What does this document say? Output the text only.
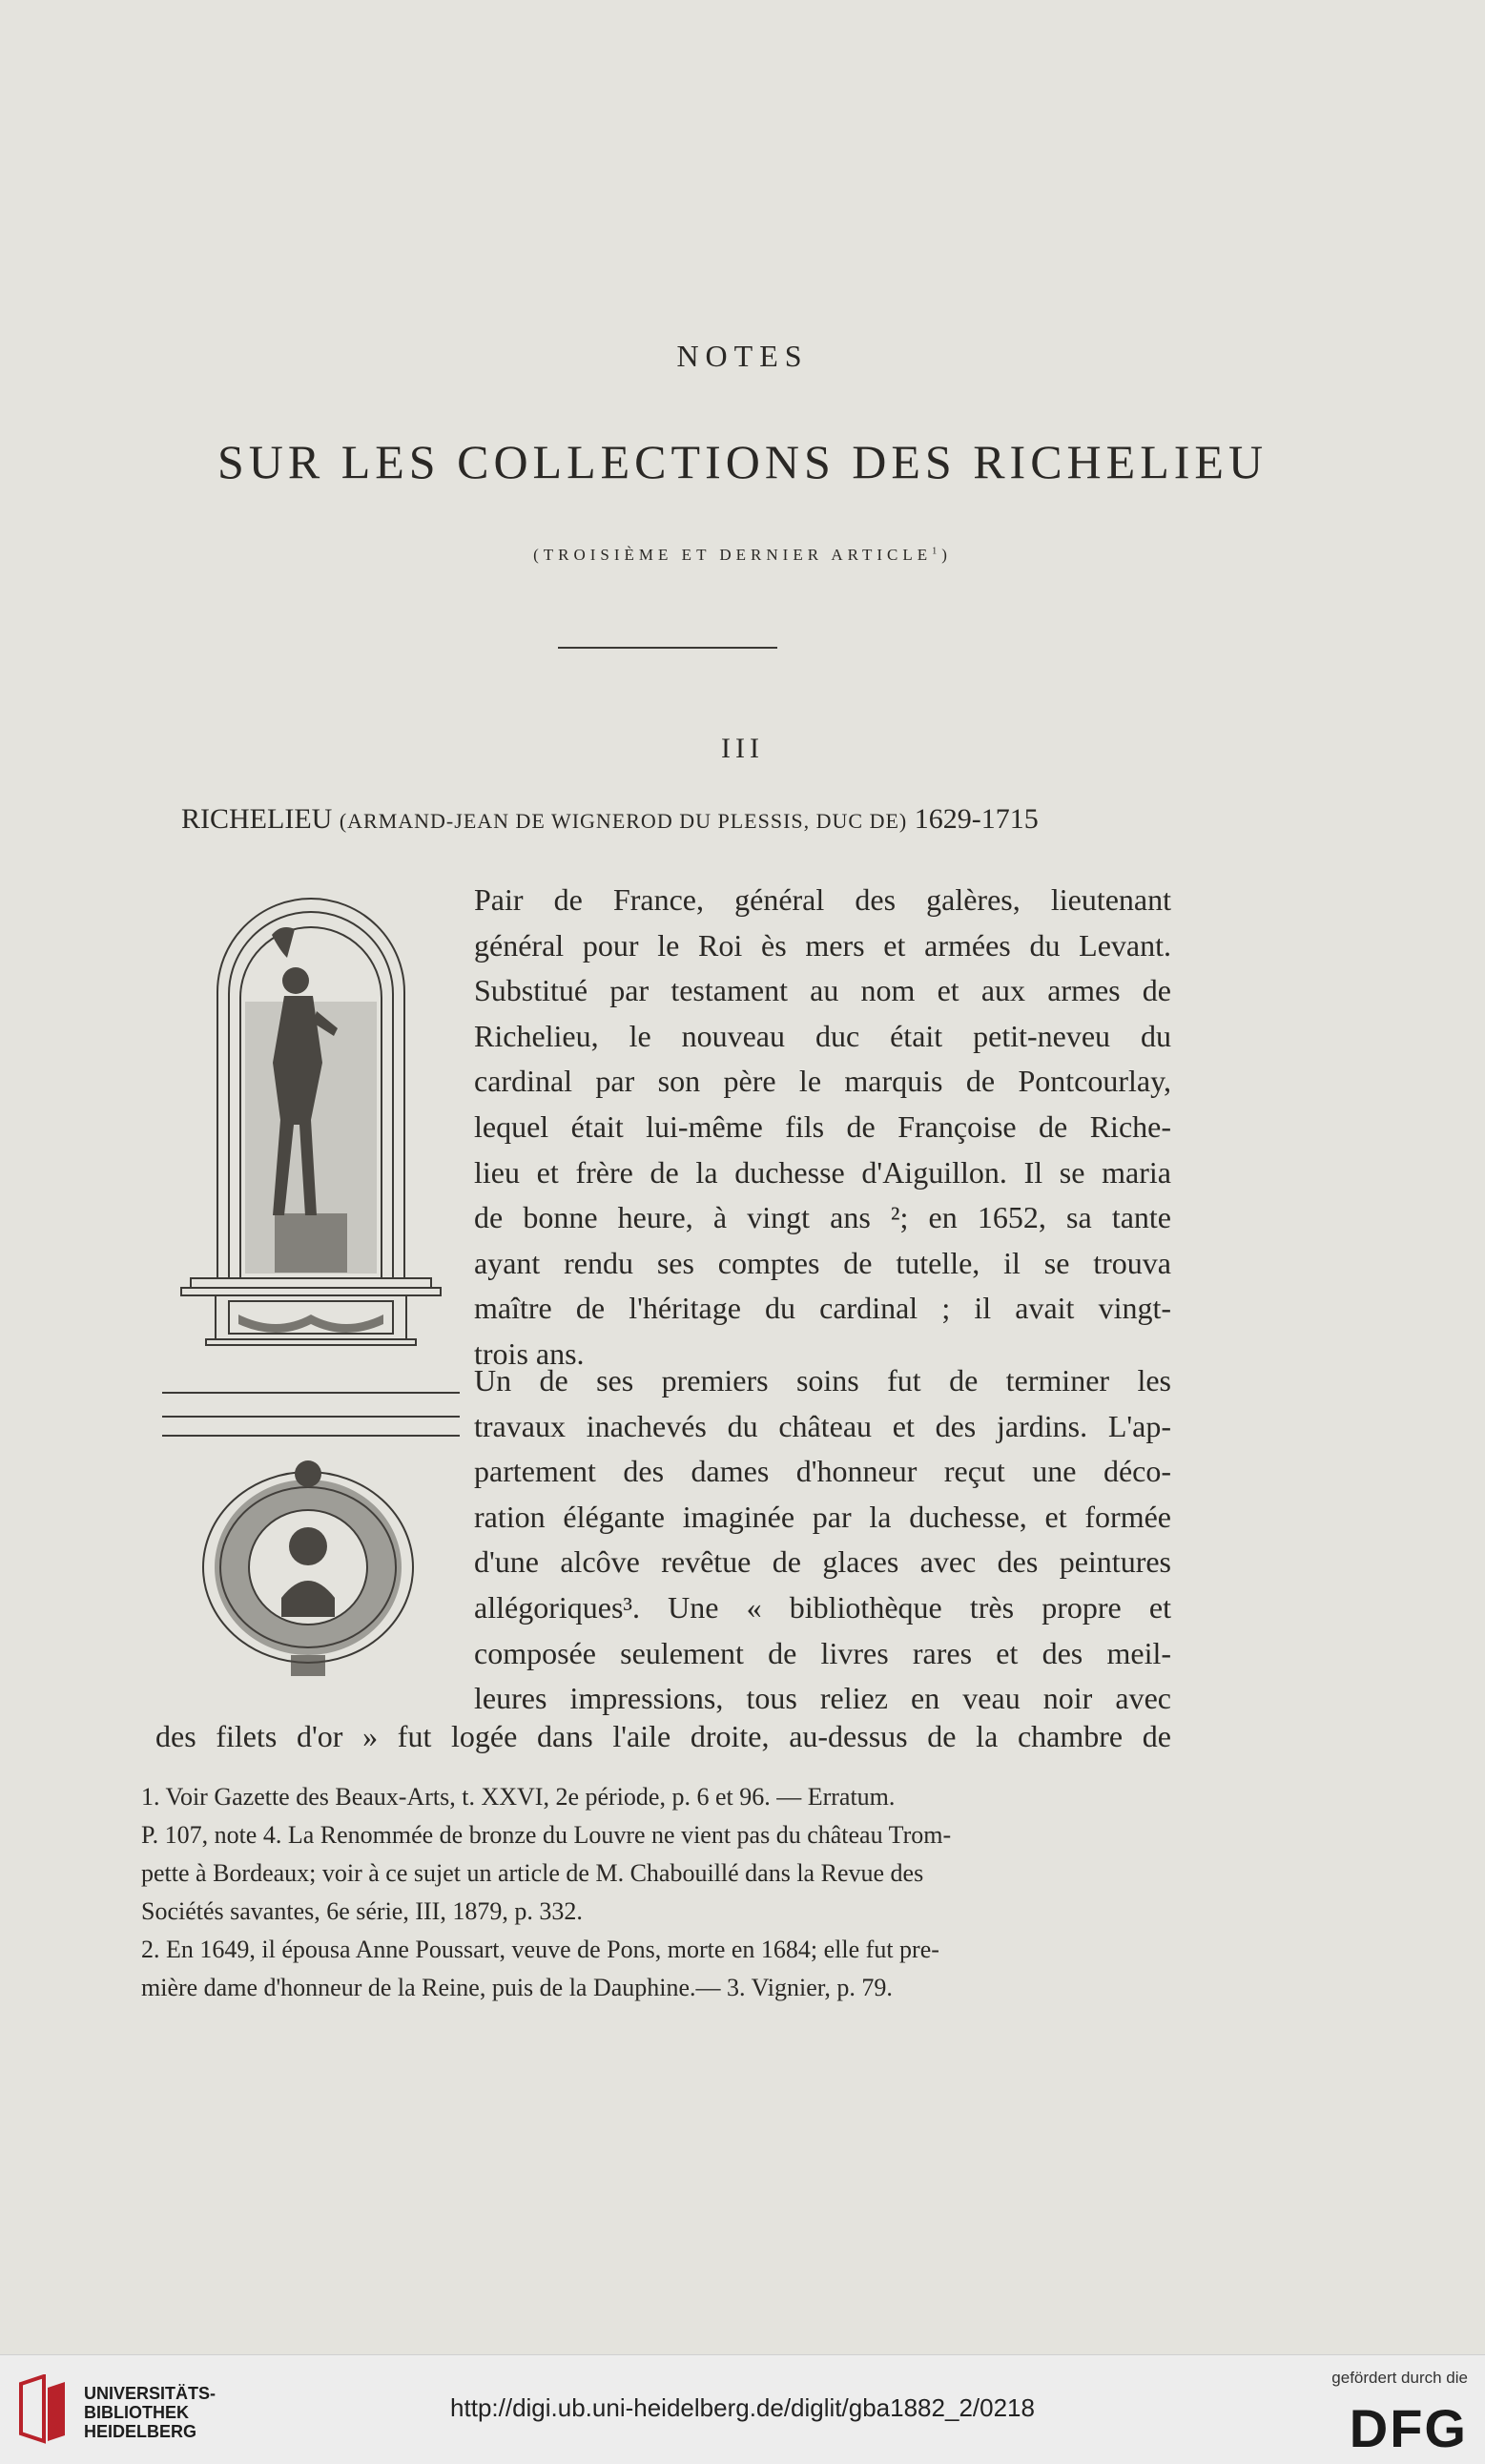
NOTES
SUR LES COLLECTIONS DES RICHELIEU
(TROISIÈME ET DERNIER ARTICLE$^1$)
III
RICHELIEU (ARMAND-JEAN DE WIGNEROD DU PLESSIS, DUC DE) 1629-1715
Pair de France, général des galères, lieutenant
général pour le Roi ès mers et armées du Levant.
Substitué par testament au nom et aux armes de
Richelieu, le nouveau duc était petit-neveu du
cardinal par son père le marquis de Pontcourlay,
lequel était lui-même fils de Françoise de Riche-
lieu et frère de la duchesse d'Aiguillon. Il se maria
de bonne heure, à vingt ans ²; en 1652, sa tante
ayant rendu ses comptes de tutelle, il se trouva
maître de l'héritage du cardinal ; il avait vingt-
trois ans.
Un de ses premiers soins fut de terminer les
travaux inachevés du château et des jardins. L'ap-
partement des dames d'honneur reçut une déco-
ration élégante imaginée par la duchesse, et formée
d'une alcôve revêtue de glaces avec des peintures
allégoriques³. Une « bibliothèque très propre et
composée seulement de livres rares et des meil-
leures impressions, tous reliez en veau noir avec
des filets d'or » fut logée dans l'aile droite, au-dessus de la chambre de
1. Voir Gazette des Beaux-Arts, t. XXVI, 2e période, p. 6 et 96. — Erratum.
P. 107, note 4. La Renommée de bronze du Louvre ne vient pas du château Trom-
pette à Bordeaux; voir à ce sujet un article de M. Chabouillé dans la Revue des
Sociétés savantes, 6e série, III, 1879, p. 332.
2. En 1649, il épousa Anne Poussart, veuve de Pons, morte en 1684; elle fut pre-
mière dame d'honneur de la Reine, puis de la Dauphine.— 3. Vignier, p. 79.
UNIVERSITÄTS-
BIBLIOTHEK
HEIDELBERG
http://digi.ub.uni-heidelberg.de/diglit/gba1882_2/0218
gefördert durch die
DFG
